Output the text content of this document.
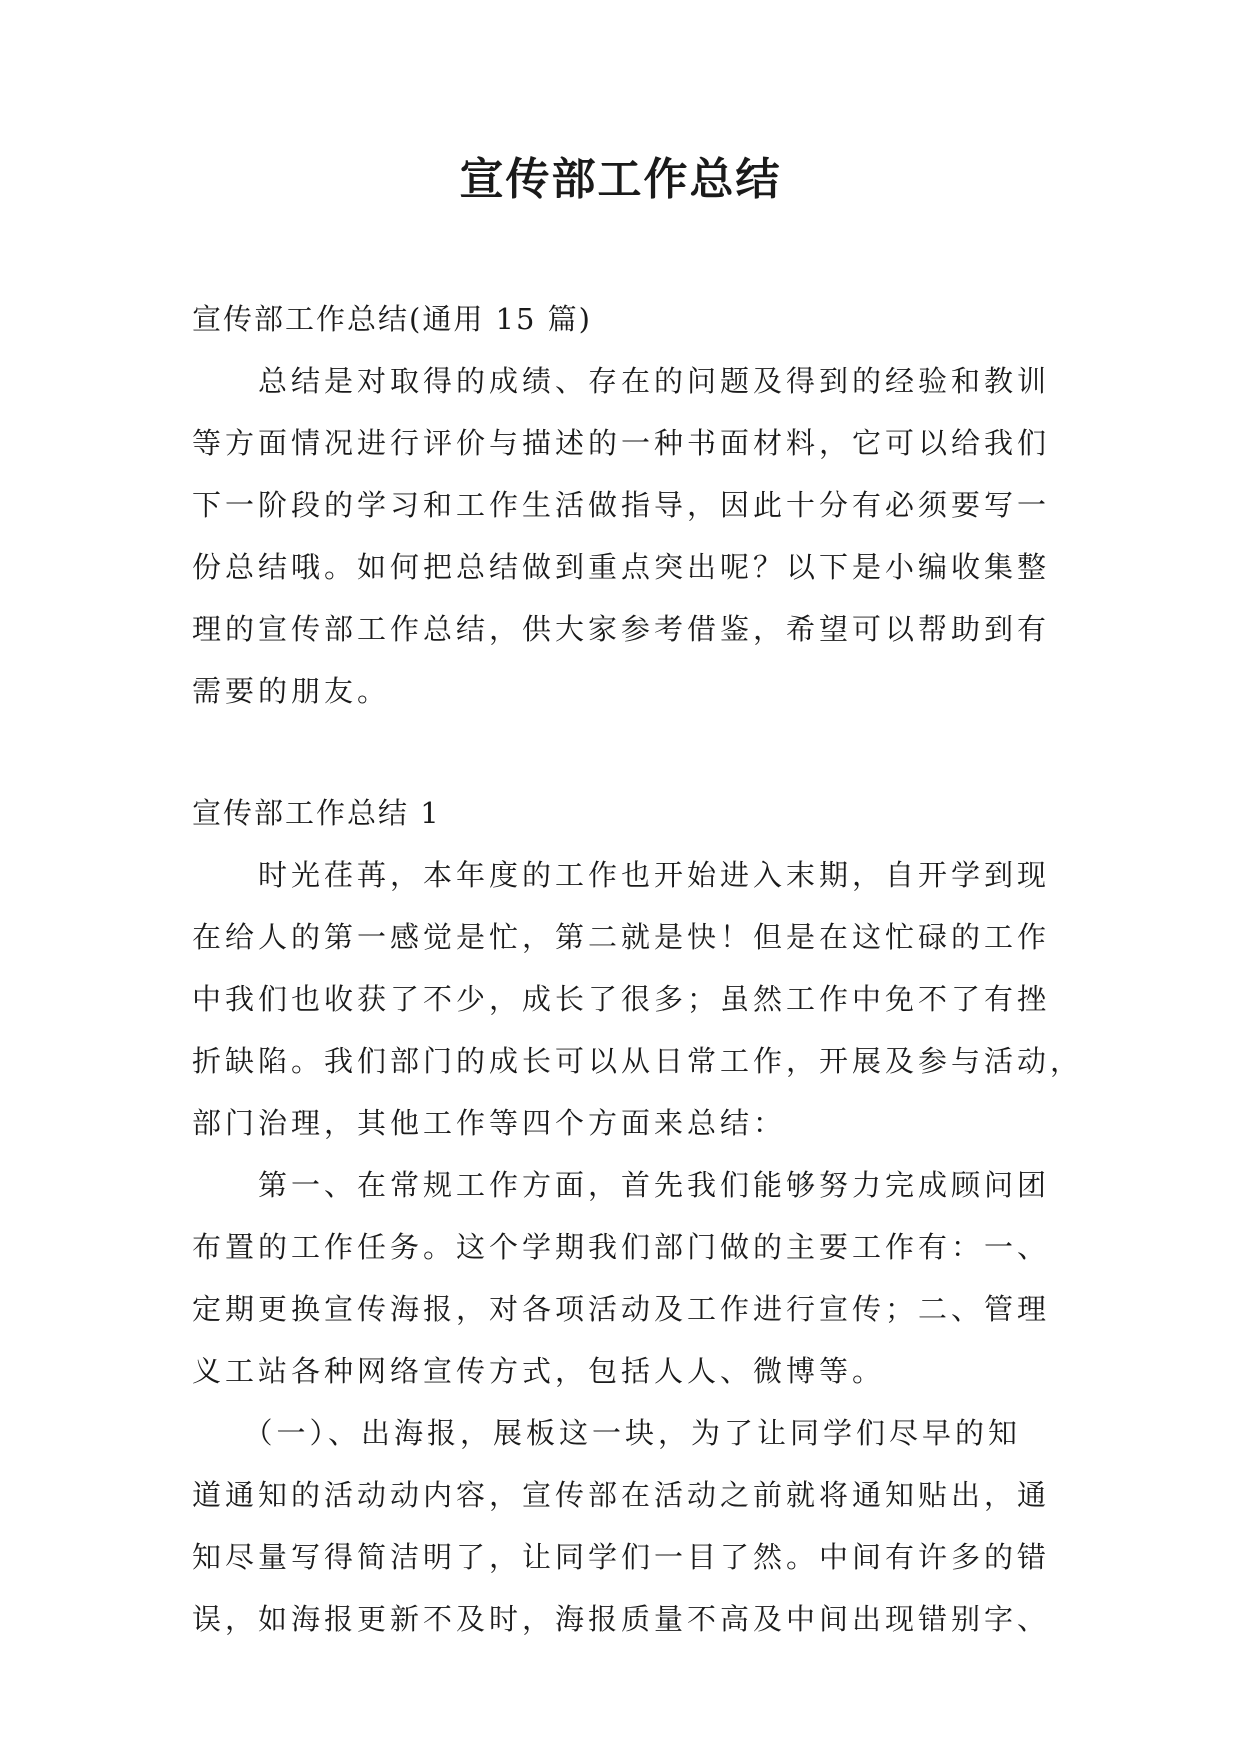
宣传部工作总结
宣传部工作总结(通用 15 篇)
　　总结是对取得的成绩、存在的问题及得到的经验和教训
等方面情况进行评价与描述的一种书面材料，它可以给我们
下一阶段的学习和工作生活做指导，因此十分有必须要写一
份总结哦。如何把总结做到重点突出呢？以下是小编收集整
理的宣传部工作总结，供大家参考借鉴，希望可以帮助到有
需要的朋友。
宣传部工作总结 1
　　时光荏苒，本年度的工作也开始进入末期，自开学到现
在给人的第一感觉是忙，第二就是快！但是在这忙碌的工作
中我们也收获了不少，成长了很多；虽然工作中免不了有挫
折缺陷。我们部门的成长可以从日常工作，开展及参与活动，
部门治理，其他工作等四个方面来总结：
　　第一、在常规工作方面，首先我们能够努力完成顾问团
布置的工作任务。这个学期我们部门做的主要工作有：一、
定期更换宣传海报，对各项活动及工作进行宣传；二、管理
义工站各种网络宣传方式，包括人人、微博等。
　　（一）、出海报，展板这一块，为了让同学们尽早的知
道通知的活动动内容，宣传部在活动之前就将通知贴出，通
知尽量写得简洁明了，让同学们一目了然。中间有许多的错
误，如海报更新不及时，海报质量不高及中间出现错别字、
